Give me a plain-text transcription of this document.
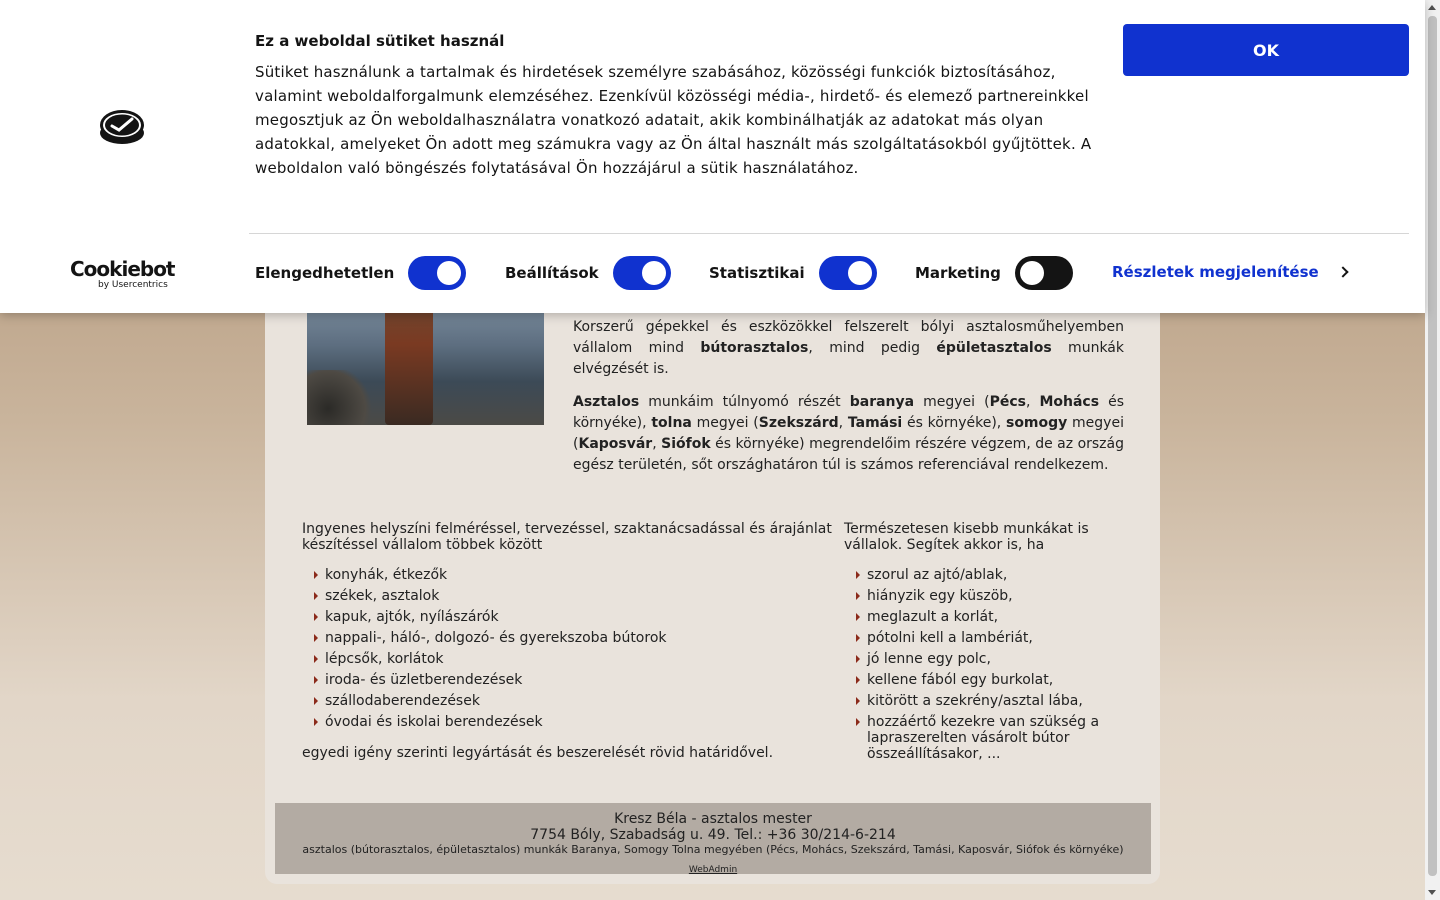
Korszerű gépekkel és eszközökkel felszerelt bólyi asztalosműhelyemben vállalom mind bútorasztalos, mind pedig épületasztalos munkák elvégzését is.

Asztalos munkáim túlnyomó részét baranya megyei (Pécs, Mohács és környéke), tolna megyei (Szekszárd, Tamási és környéke), somogy megyei (Kaposvár, Siófok és környéke) megrendelőim részére végzem, de az ország egész területén, sőt országhatáron túl is számos referenciával rendelkezem.

Ingyenes helyszíni felméréssel, tervezéssel, szaktanácsadással és árajánlat készítéssel vállalom többek között
konyhák, étkezők
székek, asztalok
kapuk, ajtók, nyílászárók
nappali-, háló-, dolgozó- és gyerekszoba bútorok
lépcsők, korlátok
iroda- és üzletberendezések
szállodaberendezések
óvodai és iskolai berendezések
egyedi igény szerinti legyártását és beszerelését rövid határidővel.
Természetesen kisebb munkákat is vállalok. Segítek akkor is, ha
szorul az ajtó/ablak,
hiányzik egy küszöb,
meglazult a korlát,
pótolni kell a lambériát,
jó lenne egy polc,
kellene fából egy burkolat,
kitörött a szekrény/asztal lába,
hozzáértő kezekre van szükség a lapraszerelten vásárolt bútor összeállításakor, ...
Kresz Béla - asztalos mester
7754 Bóly, Szabadság u. 49. Tel.: +36 30/214-6-214
asztalos (bútorasztalos, épületasztalos) munkák Baranya, Somogy Tolna megyében (Pécs, Mohács, Szekszárd, Tamási, Kaposvár, Siófok és környéke)
WebAdmin
Ez a weboldal sütiket használ
Sütiket használunk a tartalmak és hirdetések személyre szabásához, közösségi funkciók biztosításához, valamint weboldalforgalmunk elemzéséhez. Ezenkívül közösségi média-, hirdető- és elemező partnereinkkel megosztjuk az Ön weboldalhasználatra vonatkozó adatait, akik kombinálhatják az adatokat más olyan adatokkal, amelyeket Ön adott meg számukra vagy az Ön által használt más szolgáltatásokból gyűjtöttek. A weboldalon való böngészés folytatásával Ön hozzájárul a sütik használatához.
OK
Cookiebot
by Usercentrics
Elengedhetetlen	Beállítások	Statisztikai	Marketing	Részletek megjelenítése
